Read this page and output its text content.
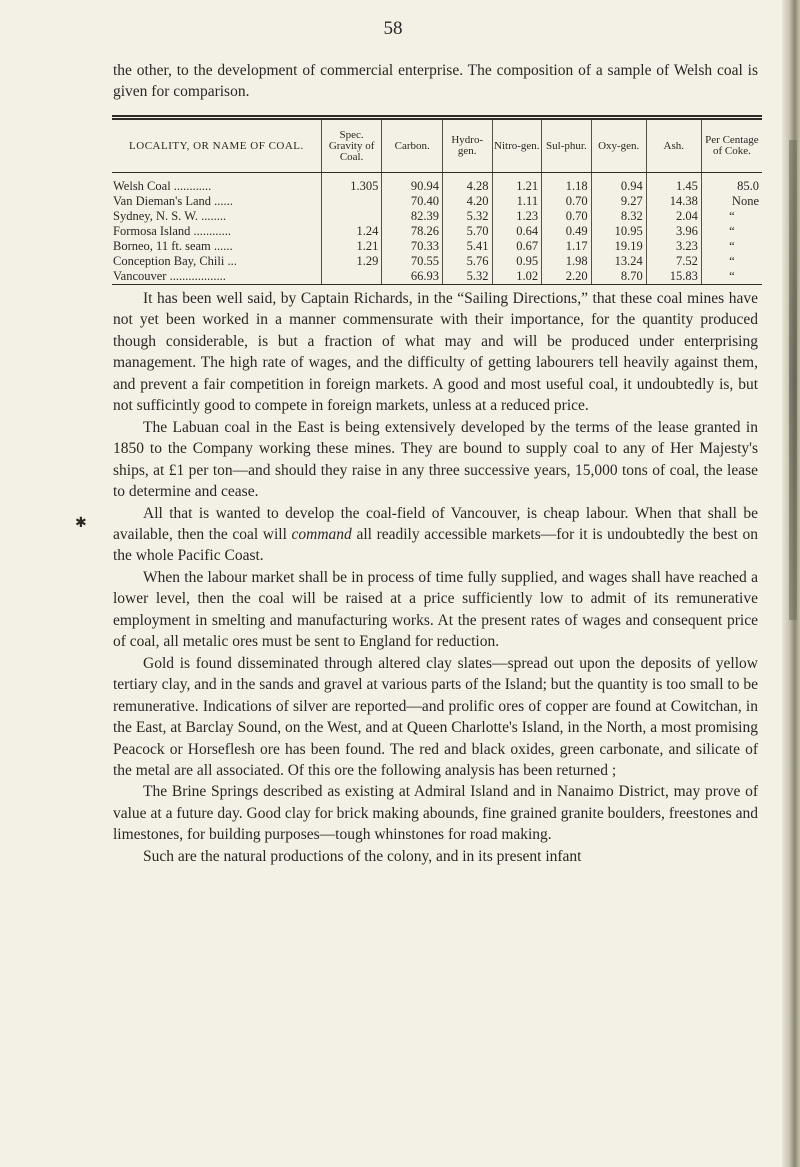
58

the other, to the development of commercial enterprise. The composition of a sample of Welsh coal is given for comparison.

LOCALITY, OR NAME OF COAL.	Spec. Gravity of Coal.	Carbon.	Hydro-gen.	Nitro-gen.	Sul-phur.	Oxy-gen.	Ash.	Per Centage of Coke.
Welsh Coal ............	1.305	90.94	4.28	1.21	1.18	0.94	1.45	85.0
Van Dieman's Land ......		70.40	4.20	1.11	0.70	9.27	14.38	None
Sydney, N. S. W. ........		82.39	5.32	1.23	0.70	8.32	2.04	“
Formosa Island ............	1.24	78.26	5.70	0.64	0.49	10.95	3.96	“
Borneo, 11 ft. seam ......	1.21	70.33	5.41	0.67	1.17	19.19	3.23	“
Conception Bay, Chili ...	1.29	70.55	5.76	0.95	1.98	13.24	7.52	“
Vancouver ..................		66.93	5.32	1.02	2.20	8.70	15.83	“
✱

It has been well said, by Captain Richards, in the “Sailing Directions,” that these coal mines have not yet been worked in a manner commensurate with their importance, for the quantity produced though considerable, is but a fraction of what may and will be produced under enterprising management. The high rate of wages, and the difficulty of getting labourers tell heavily against them, and prevent a fair competition in foreign markets. A good and most useful coal, it undoubtedly is, but not sufficintly good to compete in foreign markets, unless at a reduced price.

The Labuan coal in the East is being extensively developed by the terms of the lease granted in 1850 to the Company working these mines. They are bound to supply coal to any of Her Majesty's ships, at £1 per ton—and should they raise in any three successive years, 15,000 tons of coal, the lease to determine and cease.

All that is wanted to develop the coal-field of Vancouver, is cheap labour. When that shall be available, then the coal will command all readily accessible markets—for it is undoubtedly the best on the whole Pacific Coast.

When the labour market shall be in process of time fully supplied, and wages shall have reached a lower level, then the coal will be raised at a price sufficiently low to admit of its remunerative employment in smelting and manufacturing works. At the present rates of wages and consequent price of coal, all metalic ores must be sent to England for reduction.

Gold is found disseminated through altered clay slates—spread out upon the deposits of yellow tertiary clay, and in the sands and gravel at various parts of the Island; but the quantity is too small to be remunerative. Indications of silver are reported—and prolific ores of copper are found at Cowitchan, in the East, at Barclay Sound, on the West, and at Queen Charlotte's Island, in the North, a most promising Peacock or Horseflesh ore has been found. The red and black oxides, green carbonate, and silicate of the metal are all associated. Of this ore the following analysis has been returned ;

The Brine Springs described as existing at Admiral Island and in Nanaimo District, may prove of value at a future day. Good clay for brick making abounds, fine grained granite boulders, freestones and limestones, for building purposes—tough whinstones for road making.

Such are the natural productions of the colony, and in its present infant
